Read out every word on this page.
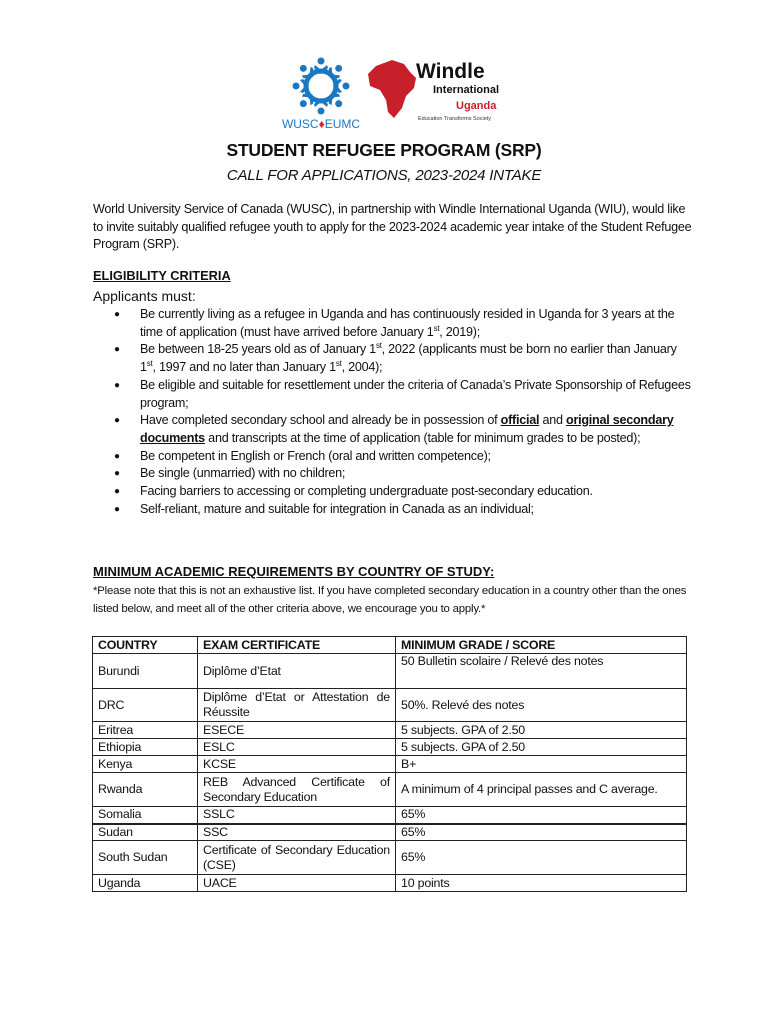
WUSC♦EUMC
Windle
International
Uganda
Education Transforms Society
STUDENT REFUGEE PROGRAM (SRP)
CALL FOR APPLICATIONS, 2023-2024 INTAKE
World University Service of Canada (WUSC), in partnership with Windle International Uganda (WIU), would like to invite suitably qualified refugee youth to apply for the 2023-2024 academic year intake of the Student Refugee Program (SRP).
ELIGIBILITY CRITERIA
Applicants must:
● Be currently living as a refugee in Uganda and has continuously resided in Uganda for 3 years at the time of application (must have arrived before January 1st, 2019);
● Be between 18-25 years old as of January 1st, 2022 (applicants must be born no earlier than January 1st, 1997 and no later than January 1st, 2004);
● Be eligible and suitable for resettlement under the criteria of Canada’s Private Sponsorship of Refugees program;
● Have completed secondary school and already be in possession of official and original secondary documents and transcripts at the time of application (table for minimum grades to be posted);
● Be competent in English or French (oral and written competence);
● Be single (unmarried) with no children;
● Facing barriers to accessing or completing undergraduate post-secondary education.
● Self-reliant, mature and suitable for integration in Canada as an individual;
MINIMUM ACADEMIC REQUIREMENTS BY COUNTRY OF STUDY:
*Please note that this is not an exhaustive list. If you have completed secondary education in a country other than the ones listed below, and meet all of the other criteria above, we encourage you to apply.*
COUNTRY	EXAM CERTIFICATE	MINIMUM GRADE / SCORE
Burundi	Diplôme d’Etat	50 Bulletin scolaire / Relevé des notes
DRC	Diplôme d’Etat or Attestation de Réussite	50%. Relevé des notes
Eritrea	ESECE	5 subjects. GPA of 2.50
Ethiopia	ESLC	5 subjects. GPA of 2.50
Kenya	KCSE	B+
Rwanda	REB Advanced Certificate of Secondary Education	A minimum of 4 principal passes and C average.
Somalia	SSLC	65%
Sudan	SSC	65%
South Sudan	Certificate of Secondary Education (CSE)	65%
Uganda	UACE	10 points
